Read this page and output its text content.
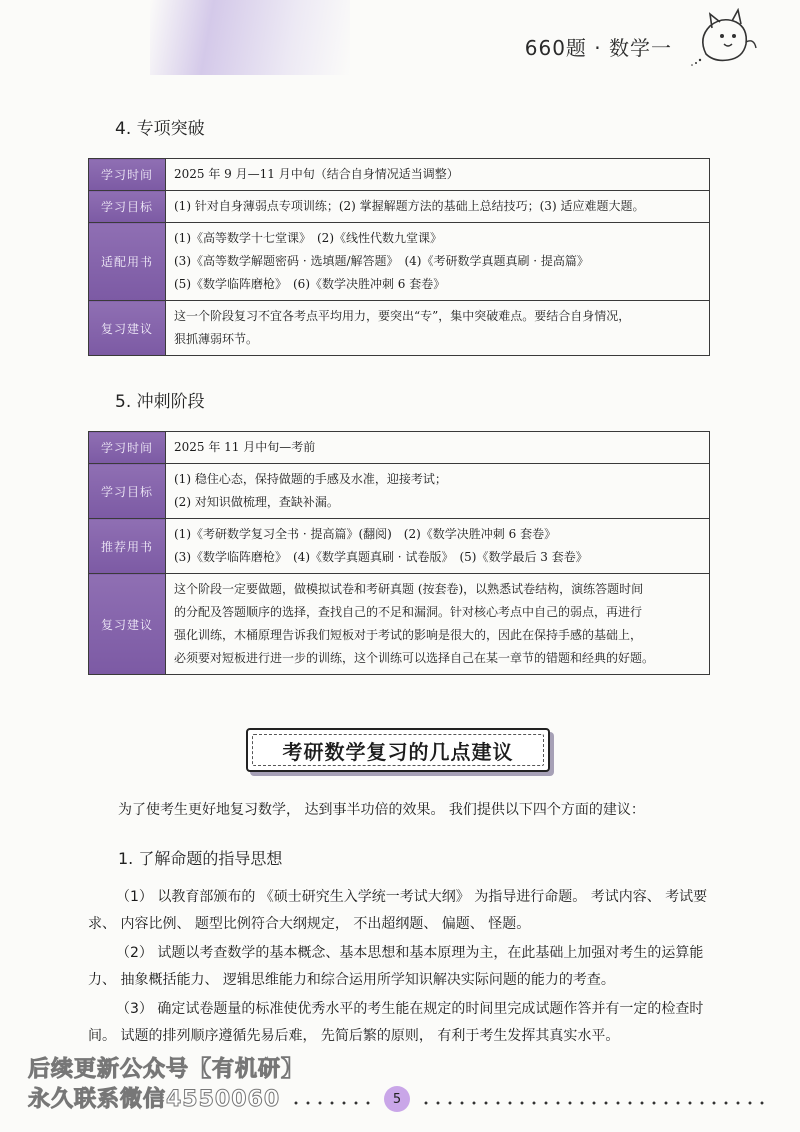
660题 · 数学一
4. 专项突破
学习时间	2025 年 9 月—11 月中旬（结合自身情况适当调整）

学习目标	(1) 针对自身薄弱点专项训练；(2) 掌握解题方法的基础上总结技巧；(3) 适应难题大题。

适配用书	(1)《高等数学十七堂课》　(2)《线性代数九堂课》
(3)《高等数学解题密码 · 选填题/解答题》　(4)《考研数学真题真刷 · 提高篇》
(5)《数学临阵磨枪》　(6)《数学决胜冲刺 6 套卷》

复习建议	这一个阶段复习不宜各考点平均用力，要突出“专”，集中突破难点。要结合自身情况，
狠抓薄弱环节。
5. 冲刺阶段
学习时间	2025 年 11 月中旬—考前

学习目标	(1) 稳住心态，保持做题的手感及水准，迎接考试；
(2) 对知识做梳理，查缺补漏。

推荐用书	(1)《考研数学复习全书 · 提高篇》(翻阅)　(2)《数学决胜冲刺 6 套卷》
(3)《数学临阵磨枪》　(4)《数学真题真刷 · 试卷版》　(5)《数学最后 3 套卷》

复习建议	这个阶段一定要做题，做模拟试卷和考研真题 (按套卷)，以熟悉试卷结构，演练答题时间
的分配及答题顺序的选择，查找自己的不足和漏洞。针对核心考点中自己的弱点，再进行
强化训练，木桶原理告诉我们短板对于考试的影响是很大的，因此在保持手感的基础上，
必须要对短板进行进一步的训练，这个训练可以选择自己在某一章节的错题和经典的好题。
考研数学复习的几点建议
为了使考生更好地复习数学， 达到事半功倍的效果。 我们提供以下四个方面的建议：
1. 了解命题的指导思想
（1） 以教育部颁布的 《硕士研究生入学统一考试大纲》 为指导进行命题。 考试内容、 考试要求、 内容比例、 题型比例符合大纲规定， 不出超纲题、 偏题、 怪题。
（2） 试题以考查数学的基本概念、基本思想和基本原理为主，在此基础上加强对考生的运算能力、 抽象概括能力、 逻辑思维能力和综合运用所学知识解决实际问题的能力的考查。
（3） 确定试卷题量的标准使优秀水平的考生能在规定的时间里完成试题作答并有一定的检查时间。 试题的排列顺序遵循先易后难， 先简后繁的原则， 有利于考生发挥其真实水平。
后续更新公众号【有机研】
永久联系微信4550060	5
